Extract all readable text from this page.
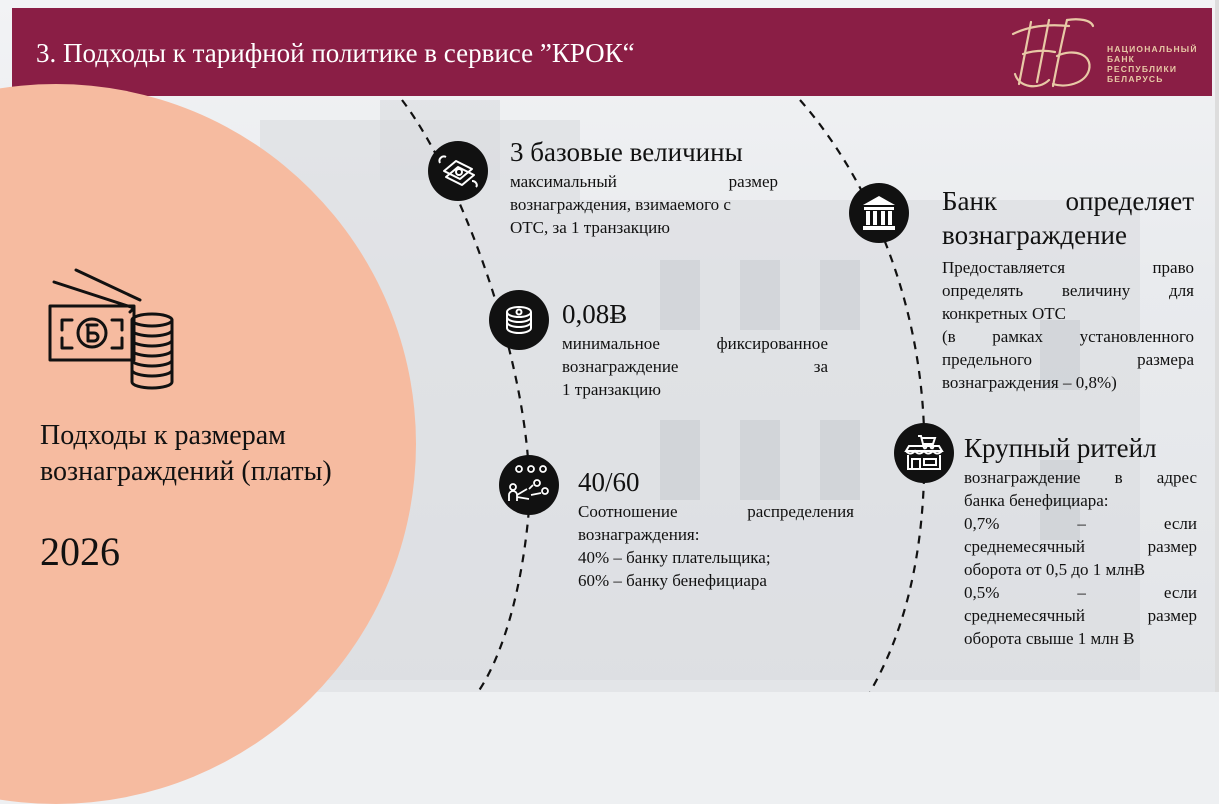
3. Подходы к тарифной политике в сервисе ”КРОК“	НАЦИОНАЛЬНЫЙ
БАНК
РЕСПУБЛИКИ
БЕЛАРУСЬ
Подходы к размерам вознаграждений (платы)
2026
3 базовые величины
максимальный размер
вознаграждения, взимаемого с
ОТС, за 1 транзакцию
0,08Ƀ
минимальное фиксированное
вознаграждение за
1 транзакцию
40/60
Соотношение распределения
вознаграждения:
40% – банку плательщика;
60% – банку бенефициара
Банк определяет
вознаграждение
Предоставляется право
определять величину для
конкретных ОТС
(в рамках установленного
предельного размера
вознаграждения – 0,8%)
Крупный ритейл
вознаграждение в адрес
банка бенефициара:
0,7% – если
среднемесячный размер
оборота от 0,5 до 1 млнɃ
0,5% – если
среднемесячный размер
оборота свыше 1 млн Ƀ
